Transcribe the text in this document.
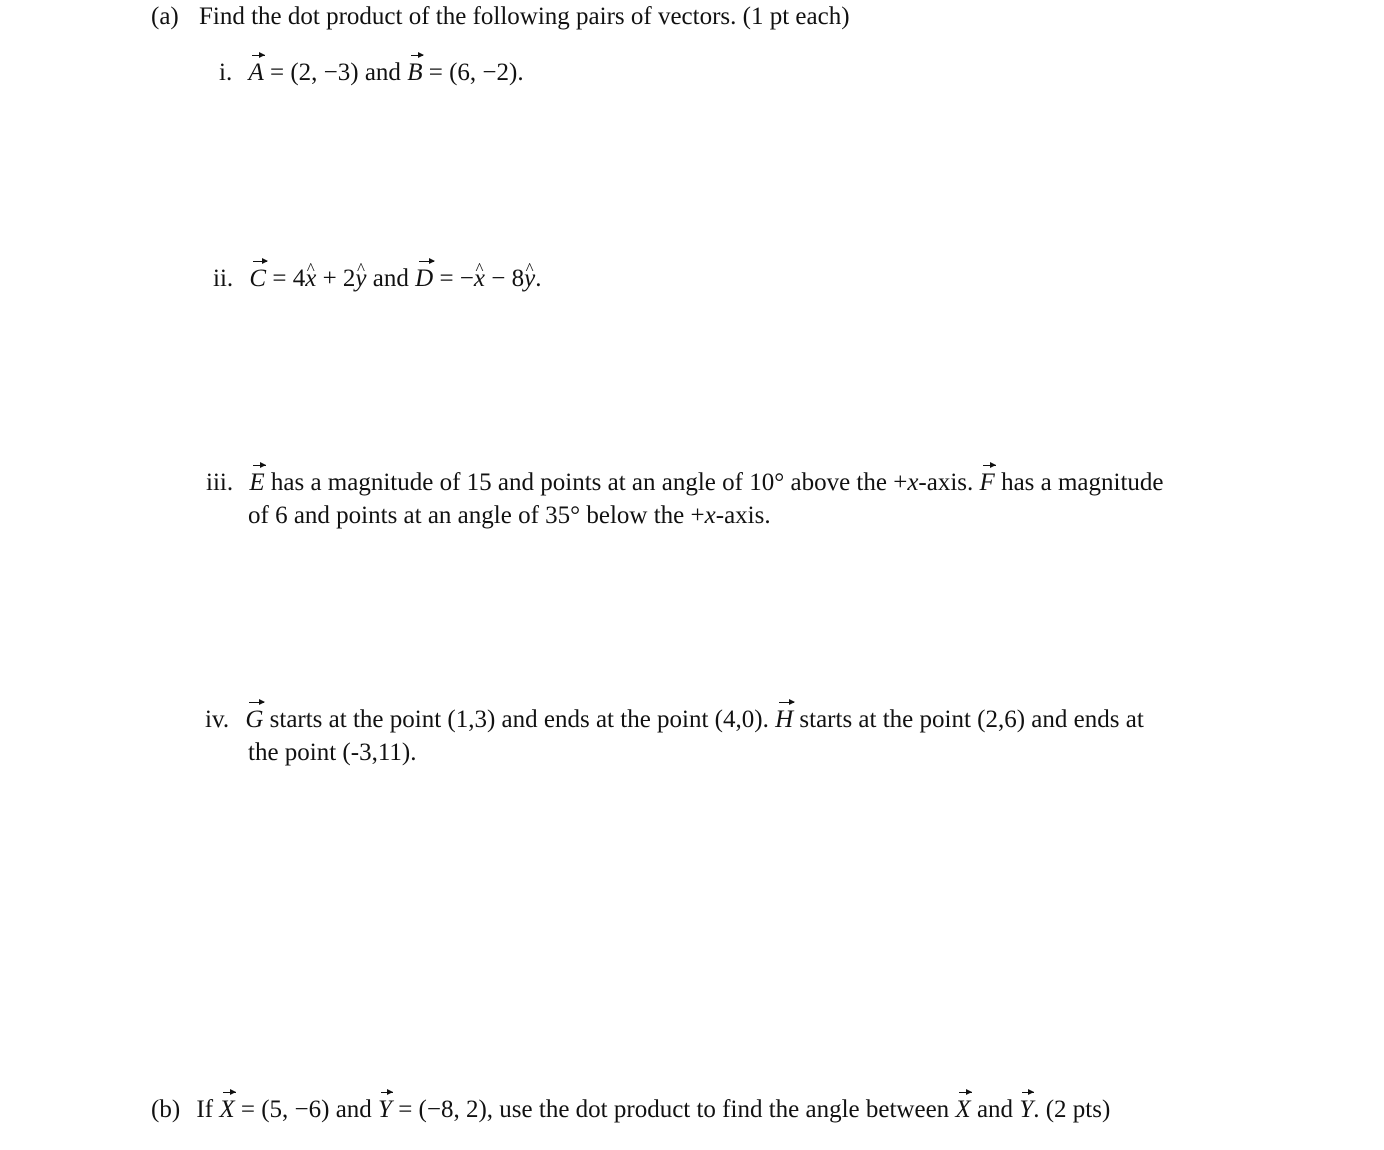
(a) Find the dot product of the following pairs of vectors. (1 pt each)
i. A = (2, −3) and B = (6, −2).
ii. C = 4^ x + 2^ y and D = −^ x − 8^ y.
iii. E has a magnitude of 15 and points at an angle of 10° above the +x-axis. F has a magnitude
of 6 and points at an angle of 35° below the +x-axis.
iv. G starts at the point (1,3) and ends at the point (4,0). H starts at the point (2,6) and ends at
the point (-3,11).
(b) If X = (5, −6) and Y = (−8, 2), use the dot product to find the angle between X and Y. (2 pts)
